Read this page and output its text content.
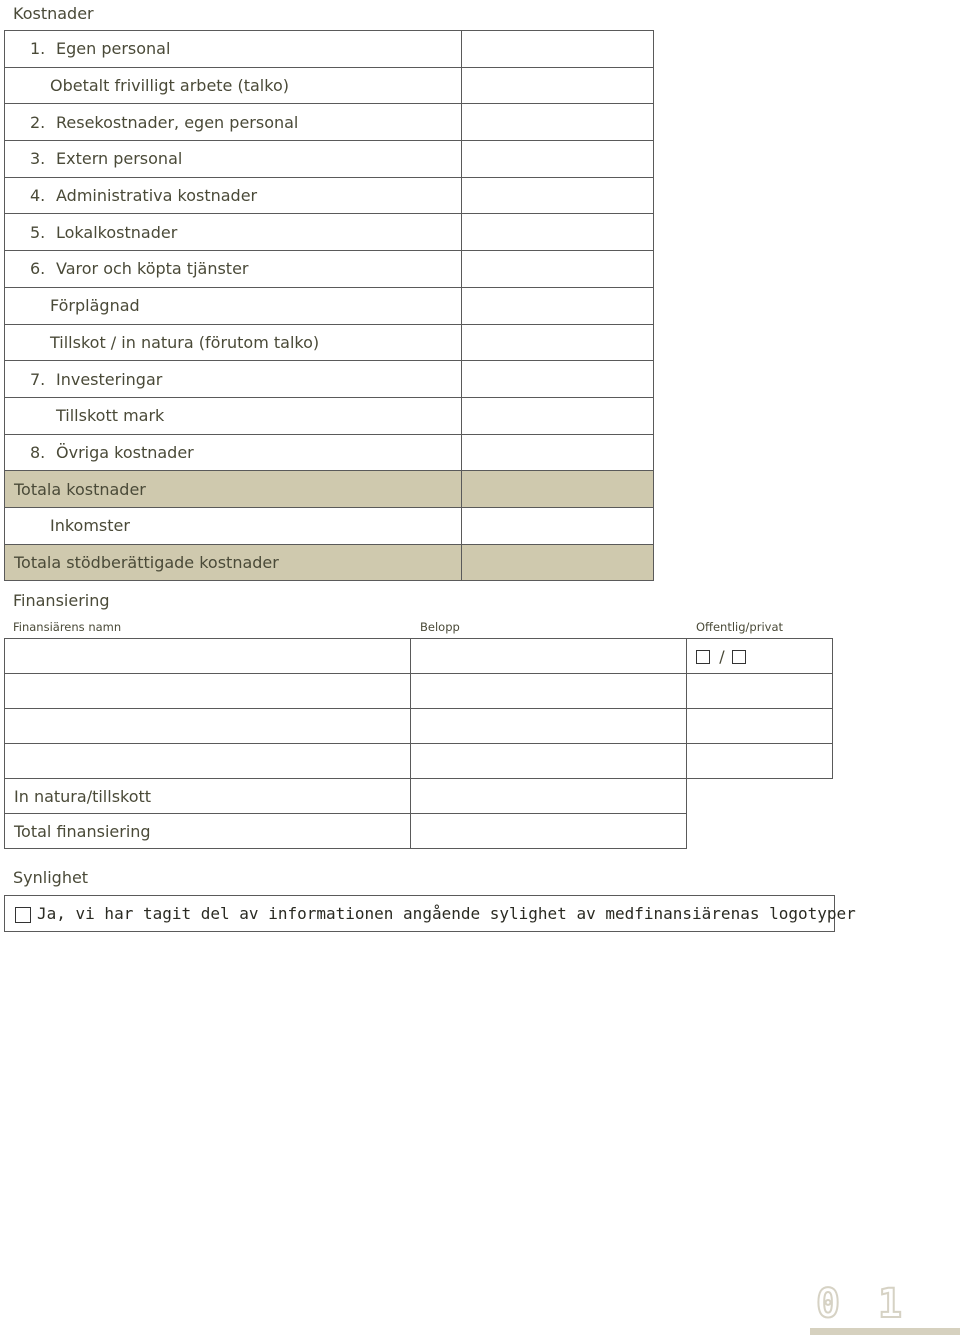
Kostnader
1. Egen personal	
Obetalt frivilligt arbete (talko)	
2. Resekostnader, egen personal	
3. Extern personal	
4. Administrativa kostnader	
5. Lokalkostnader	
6. Varor och köpta tjänster	
Förplägnad	
Tillskot / in natura (förutom talko)	
7. Investeringar	
Tillskott mark	
8. Övriga kostnader	
Totala kostnader	
Inkomster	
Totala stödberättigade kostnader	
Finansiering
Finansiärens namn	Belopp	Offentlig/privat
		/

In natura/tillskott		
Total finansiering		
Synlighet
Ja, vi har tagit del av informationen angående sylighet av medfinansiärenas logotyper
0 1
